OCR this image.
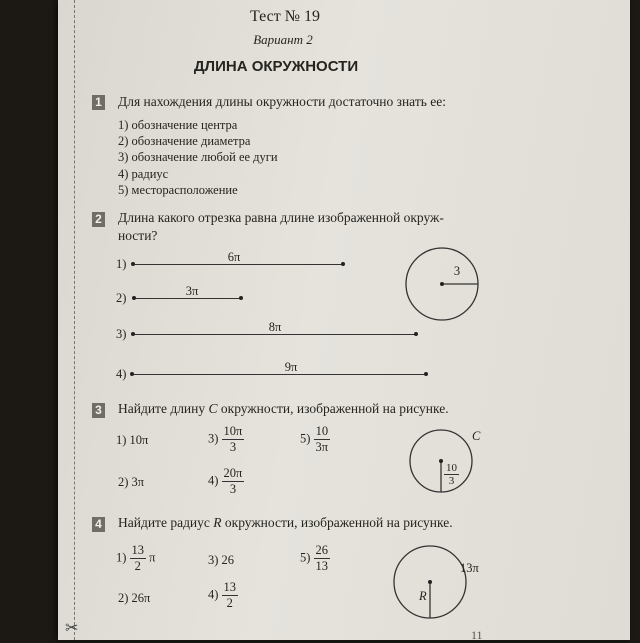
✂
Тест № 19
Вариант 2
ДЛИНА ОКРУЖНОСТИ
1 Для нахождения длины окружности достаточно знать ее:
1) обозначение центра
2) обозначение диаметра
3) обозначение любой ее дуги
4) радиус
5) месторасположение
2 Длина какого отрезка равна длине изображенной окруж-
ности?
1)	6π
2)	3π
3)	8π
4)	9π
3
3 Найдите длину C окружности, изображенной на рисунке.
1) 10π
2) 3π
$3) \frac{10\pi}{3}$
$4) \frac{20\pi}{3}$
$5) \frac{10}{3\pi}$	C
$\frac{10}{3}$
4 Найдите радиус R окружности, изображенной на рисунке.
$1) \frac{13}{2}$ π
2) 26π
3) 26
$4) \frac{13}{2}$
$5) \frac{26}{13}$	13π
R
11
